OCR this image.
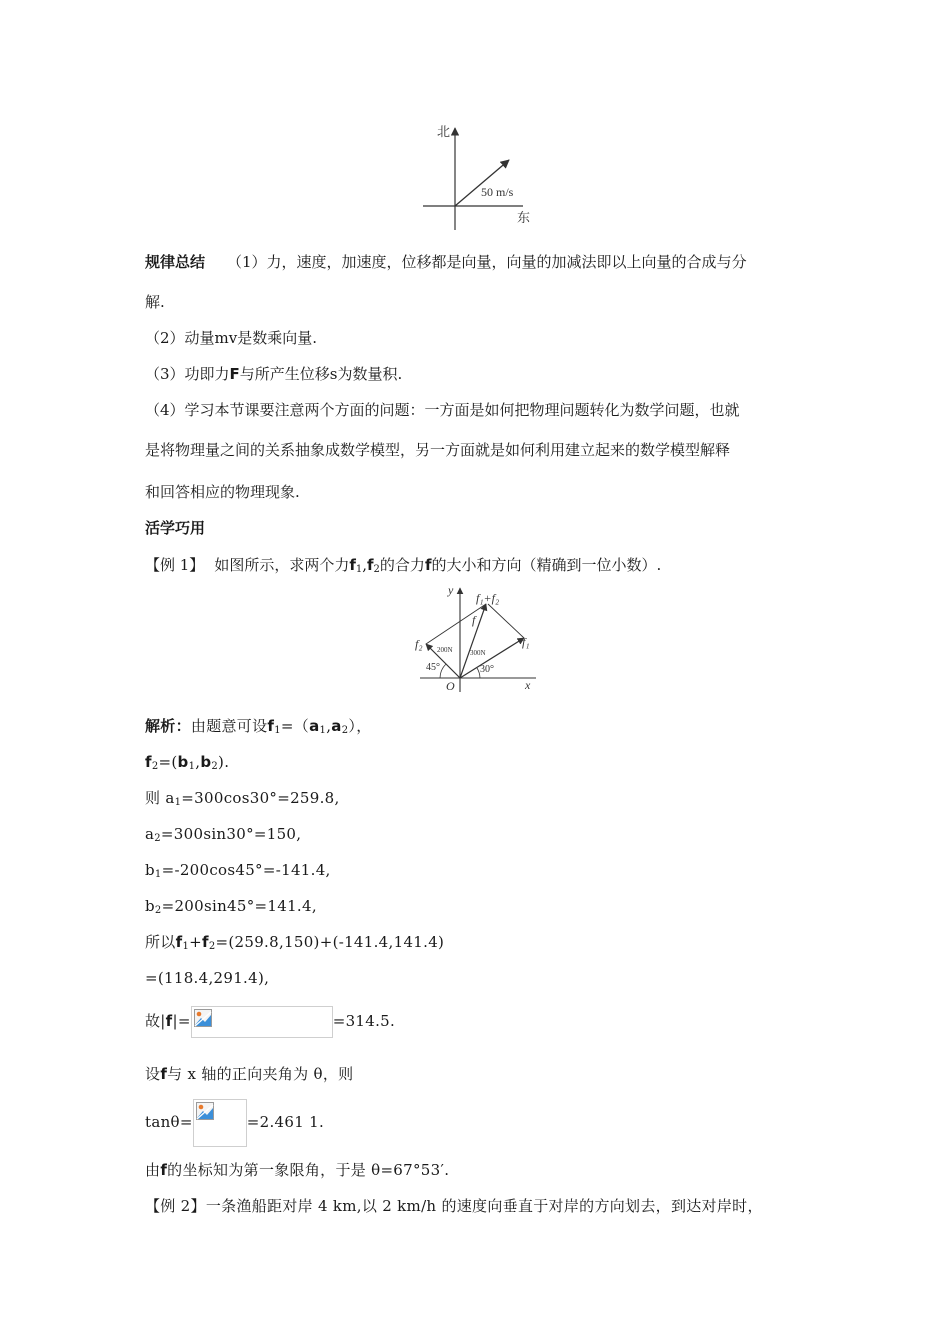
北
东
50 m/s
规律总结 （1）力，速度，加速度，位移都是向量，向量的加减法即以上向量的合成与分
解.
（2）动量mv是数乘向量.
（3）功即力F与所产生位移s为数量积.
（4）学习本节课要注意两个方面的问题：一方面是如何把物理问题转化为数学问题，也就
是将物理量之间的关系抽象成数学模型，另一方面就是如何利用建立起来的数学模型解释
和回答相应的物理现象.
活学巧用
【例 1】 如图所示，求两个力$f_1,f_2$的合力f的大小和方向（精确到一位小数）.
y
x
O
f₁+f₂
f
f₁
f₂ 200N 300N
45°	30°
解析：由题意可设$f_1=(a_1,a_2)$，
$f_2=(b_1,b_2)$.
则 $a_1=300\cos 30^\circ=259.8$,
$a_2=300\sin 30^\circ=150$,
$b_1=-200\cos 45^\circ=-141.4$,
$b_2=200\sin 45^\circ=141.4$,
所以$f_1+f_2=(259.8,150)+(-141.4,141.4)$
=(118.4,291.4),
故|f|=	=314.5.
设f与 x 轴的正向夹角为 θ，则
tanθ=	=2.461 1.
由f的坐标知为第一象限角，于是 θ=67°53′.
【例 2】一条渔船距对岸 4 km,以 2 km/h 的速度向垂直于对岸的方向划去，到达对岸时，
